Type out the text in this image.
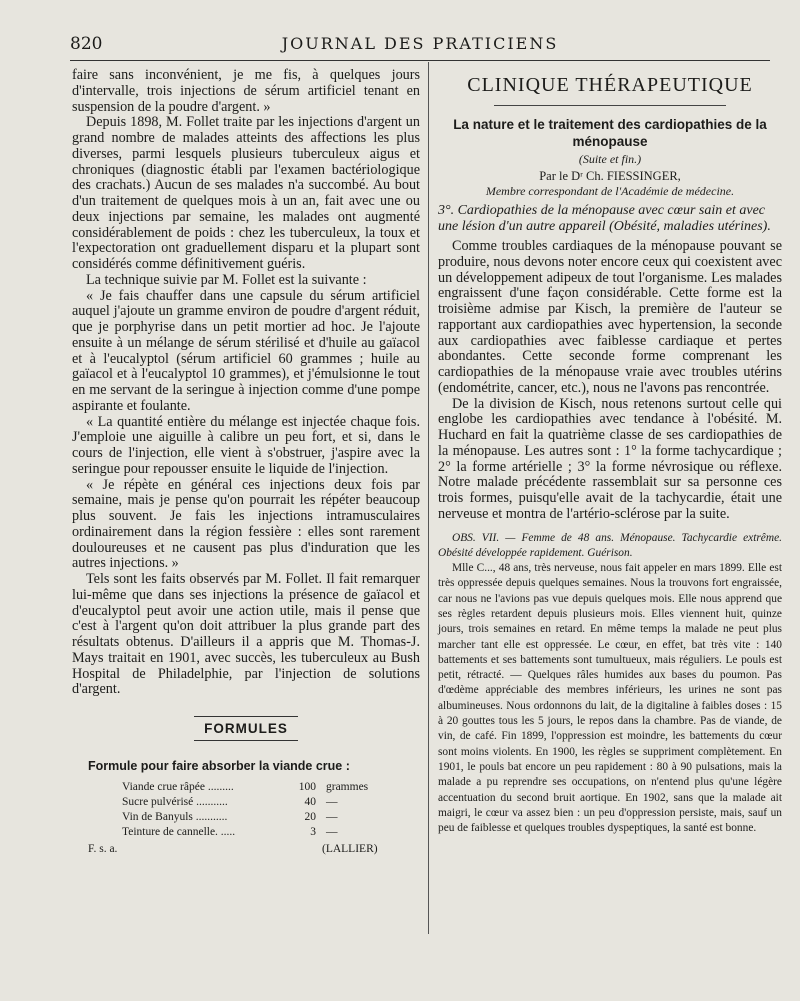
820	JOURNAL DES PRATICIENS

faire sans inconvénient, je me fis, à quelques jours d'intervalle, trois injections de sérum artificiel tenant en suspension de la poudre d'argent. »

Depuis 1898, M. Follet traite par les injections d'argent un grand nombre de malades atteints des affections les plus diverses, parmi lesquels plusieurs tuberculeux aigus et chroniques (diagnostic établi par l'examen bactériologique des crachats.) Aucun de ses malades n'a succombé. Au bout d'un traitement de quelques mois à un an, fait avec une ou deux injections par semaine, les malades ont augmenté considérablement de poids : chez les tuberculeux, la toux et l'expectoration ont graduellement disparu et la plupart sont considérés comme définitivement guéris.

La technique suivie par M. Follet est la suivante :

« Je fais chauffer dans une capsule du sérum artificiel auquel j'ajoute un gramme environ de poudre d'argent réduit, que je porphyrise dans un petit mortier ad hoc. Je l'ajoute ensuite à un mélange de sérum stérilisé et d'huile au gaïacol et à l'eucalyptol (sérum artificiel 60 grammes ; huile au gaïacol et à l'eucalyptol 10 grammes), et j'émulsionne le tout en me servant de la seringue à injection comme d'une pompe aspirante et foulante.

« La quantité entière du mélange est injectée chaque fois. J'emploie une aiguille à calibre un peu fort, et si, dans le cours de l'injection, elle vient à s'obstruer, j'aspire avec la seringue pour repousser ensuite le liquide de l'injection.

« Je répète en général ces injections deux fois par semaine, mais je pense qu'on pourrait les répéter beaucoup plus souvent. Je fais les injections intramusculaires ordinairement dans la région fessière : elles sont rarement douloureuses et ne causent pas plus d'induration que les autres injections. »

Tels sont les faits observés par M. Follet. Il fait remarquer lui-même que dans ses injections la présence de gaïacol et d'eucalyptol peut avoir une action utile, mais il pense que c'est à l'argent qu'on doit attribuer la plus grande part des résultats obtenus. D'ailleurs il a appris que M. Thomas-J. Mays traitait en 1901, avec succès, les tuberculeux au Bush Hospital de Philadelphie, par l'injection de solutions d'argent.

FORMULES
Formule pour faire absorber la viande crue :
Viande crue râpée .........	100 grammes
Sucre pulvérisé ...........	40 —
Vin de Banyuls ...........	20 —
Teinture de cannelle. .....	3 —
F. s. a.	(LALLIER)
CLINIQUE THÉRAPEUTIQUE

La nature et le traitement des cardiopathies de la ménopause

(Suite et fin.)

Par le Dʳ Ch. FIESSINGER,

Membre correspondant de l'Académie de médecine.

3°. Cardiopathies de la ménopause avec cœur sain et avec une lésion d'un autre appareil (Obésité, maladies utérines).

Comme troubles cardiaques de la ménopause pouvant se produire, nous devons noter encore ceux qui coexistent avec un développement adipeux de tout l'organisme. Les malades engraissent d'une façon considérable. Cette forme est la troisième admise par Kisch, la première de l'auteur se rapportant aux cardiopathies avec hypertension, la seconde aux cardiopathies avec faiblesse cardiaque et pertes abondantes. Cette seconde forme comprenant les cardiopathies de la ménopause vraie avec troubles utérins (endométrite, cancer, etc.), nous ne l'avons pas rencontrée.

De la division de Kisch, nous retenons surtout celle qui englobe les cardiopathies avec tendance à l'obésité. M. Huchard en fait la quatrième classe de ses cardiopathies de la ménopause. Les autres sont : 1° la forme tachycardique ; 2° la forme artérielle ; 3° la forme névrosique ou réflexe. Notre malade précédente rassemblait sur sa personne ces trois formes, puisqu'elle avait de la tachycardie, était une nerveuse et montra de l'artério-sclérose par la suite.

OBS. VII. — Femme de 48 ans. Ménopause. Tachycardie extrême. Obésité développée rapidement. Guérison.

Mlle C..., 48 ans, très nerveuse, nous fait appeler en mars 1899. Elle est très oppressée depuis quelques semaines. Nous la trouvons fort engraissée, car nous ne l'avions pas vue depuis quelques mois. Elle nous apprend que ses règles retardent depuis plusieurs mois. Elles viennent huit, quinze jours, trois semaines en retard. En même temps la malade ne peut plus marcher tant elle est oppressée. Le cœur, en effet, bat très vite : 140 battements et ses battements sont tumultueux, mais réguliers. Le pouls est petit, rétracté. — Quelques râles humides aux bases du poumon. Pas d'œdème appréciable des membres inférieurs, les urines ne sont pas albumineuses. Nous ordonnons du lait, de la digitaline à faibles doses : 15 à 20 gouttes tous les 5 jours, le repos dans la chambre. Pas de viande, de vin, de café. Fin 1899, l'oppression est moindre, les battements du cœur sont moins violents. En 1900, les règles se suppriment complètement. En 1901, le pouls bat encore un peu rapidement : 80 à 90 pulsations, mais la malade a pu reprendre ses occupations, on n'entend plus qu'une légère accentuation du second bruit aortique. En 1902, sans que la malade ait maigri, le cœur va assez bien : un peu d'oppression persiste, mais, sauf un peu de faiblesse et quelques troubles dyspeptiques, la santé est bonne.
